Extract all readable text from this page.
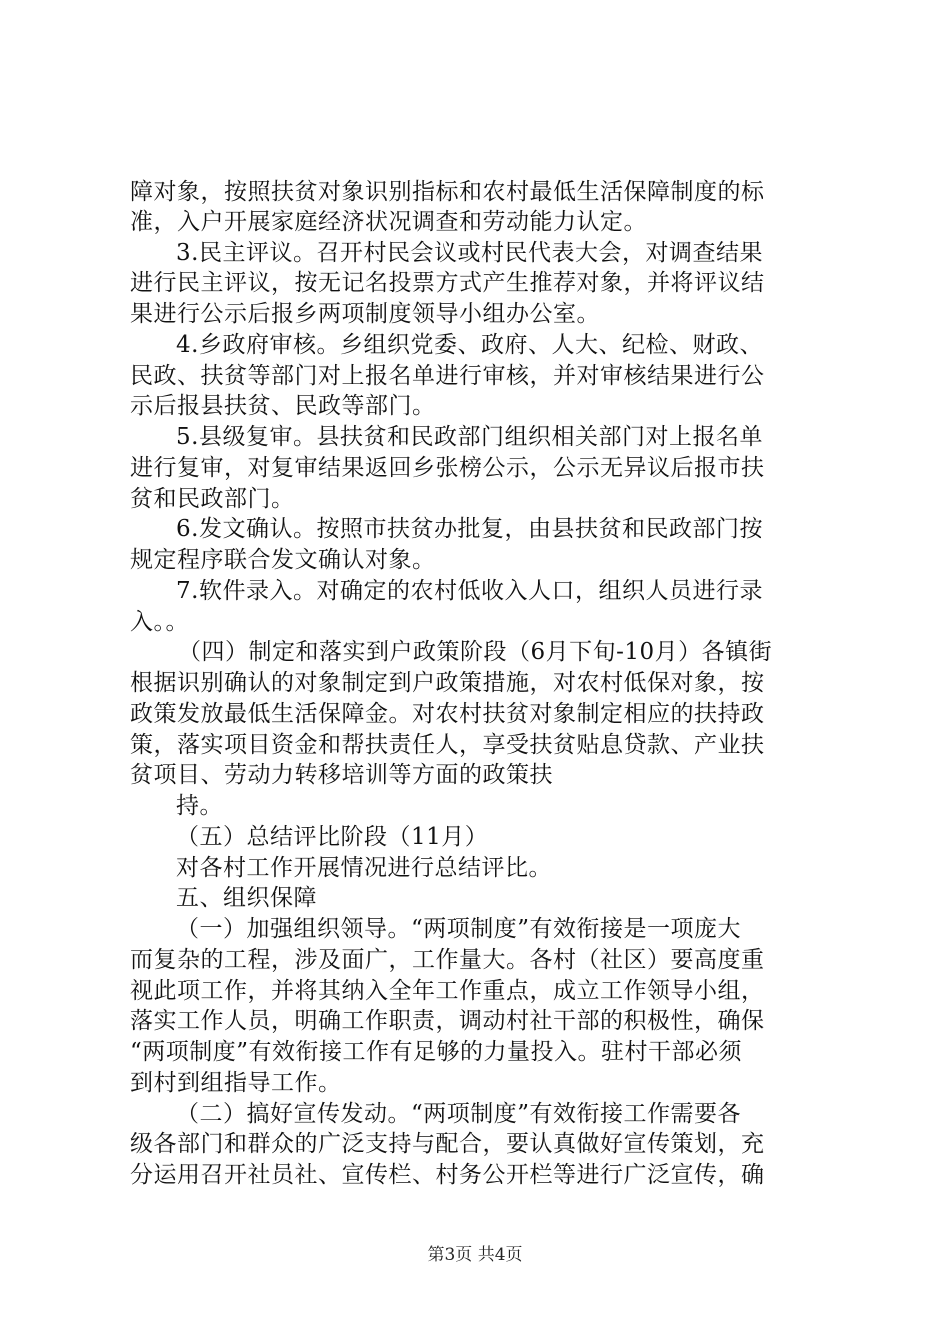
障对象，按照扶贫对象识别指标和农村最低生活保障制度的标
准，入户开展家庭经济状况调查和劳动能力认定。
3.民主评议。召开村民会议或村民代表大会，对调查结果
进行民主评议，按无记名投票方式产生推荐对象，并将评议结
果进行公示后报乡两项制度领导小组办公室。
4.乡政府审核。乡组织党委、政府、人大、纪检、财政、
民政、扶贫等部门对上报名单进行审核，并对审核结果进行公
示后报县扶贫、民政等部门。
5.县级复审。县扶贫和民政部门组织相关部门对上报名单
进行复审，对复审结果返回乡张榜公示，公示无异议后报市扶
贫和民政部门。
6.发文确认。按照市扶贫办批复，由县扶贫和民政部门按
规定程序联合发文确认对象。
7.软件录入。对确定的农村低收入人口，组织人员进行录
入。。
（四）制定和落实到户政策阶段（6月下旬-10月）各镇街
根据识别确认的对象制定到户政策措施，对农村低保对象，按
政策发放最低生活保障金。对农村扶贫对象制定相应的扶持政
策，落实项目资金和帮扶责任人，享受扶贫贴息贷款、产业扶
贫项目、劳动力转移培训等方面的政策扶
持。
（五）总结评比阶段（11月）
对各村工作开展情况进行总结评比。
五、组织保障
（一）加强组织领导。“两项制度”有效衔接是一项庞大
而复杂的工程，涉及面广，工作量大。各村（社区）要高度重
视此项工作，并将其纳入全年工作重点，成立工作领导小组，
落实工作人员，明确工作职责，调动村社干部的积极性，确保
“两项制度”有效衔接工作有足够的力量投入。驻村干部必须
到村到组指导工作。
（二）搞好宣传发动。“两项制度”有效衔接工作需要各
级各部门和群众的广泛支持与配合，要认真做好宣传策划，充
分运用召开社员社、宣传栏、村务公开栏等进行广泛宣传，确
第3页 共4页
